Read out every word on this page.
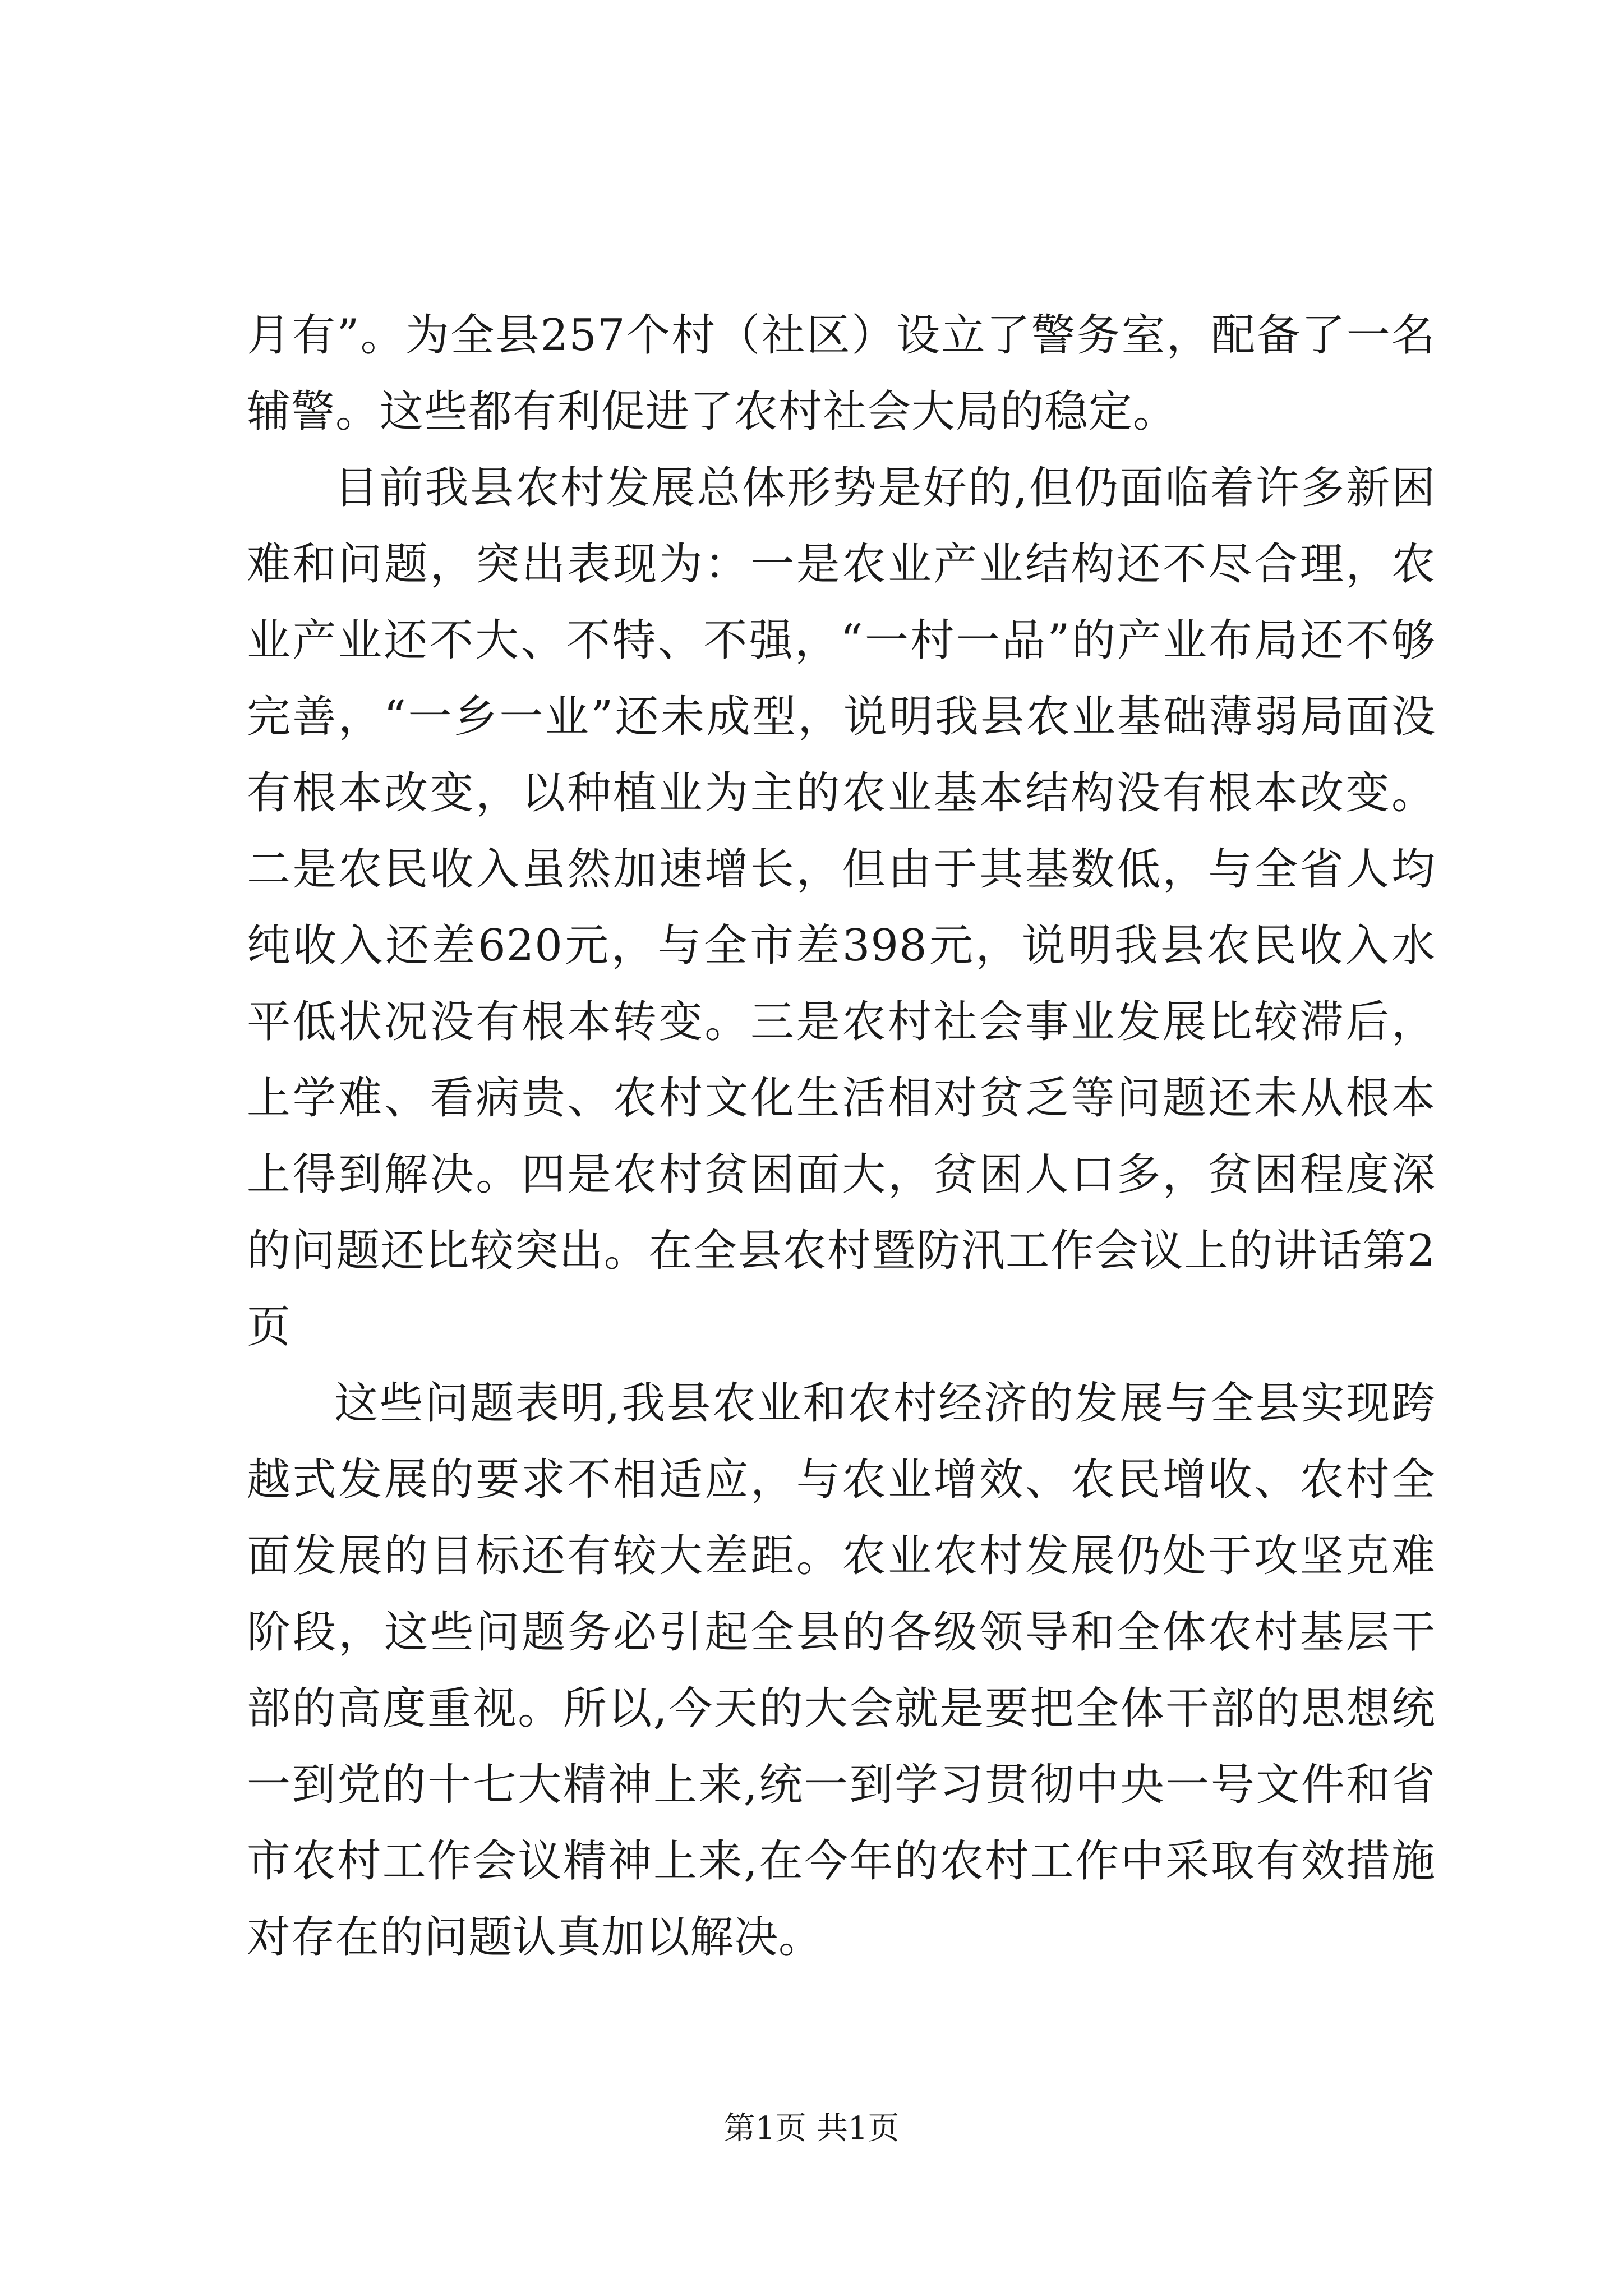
月有”。为全县257个村（社区）设立了警务室，配备了一名辅警。这些都有利促进了农村社会大局的稳定。

目前我县农村发展总体形势是好的,但仍面临着许多新困难和问题，突出表现为：一是农业产业结构还不尽合理，农业产业还不大、不特、不强，“一村一品”的产业布局还不够完善，“一乡一业”还未成型，说明我县农业基础薄弱局面没有根本改变，以种植业为主的农业基本结构没有根本改变。二是农民收入虽然加速增长，但由于其基数低，与全省人均纯收入还差620元，与全市差398元，说明我县农民收入水平低状况没有根本转变。三是农村社会事业发展比较滞后，上学难、看病贵、农村文化生活相对贫乏等问题还未从根本上得到解决。四是农村贫困面大，贫困人口多，贫困程度深的问题还比较突出。在全县农村暨防汛工作会议上的讲话第2页

这些问题表明,我县农业和农村经济的发展与全县实现跨越式发展的要求不相适应，与农业增效、农民增收、农村全面发展的目标还有较大差距。农业农村发展仍处于攻坚克难阶段，这些问题务必引起全县的各级领导和全体农村基层干部的高度重视。所以,今天的大会就是要把全体干部的思想统一到党的十七大精神上来,统一到学习贯彻中央一号文件和省市农村工作会议精神上来,在今年的农村工作中采取有效措施对存在的问题认真加以解决。

第1页 共1页
